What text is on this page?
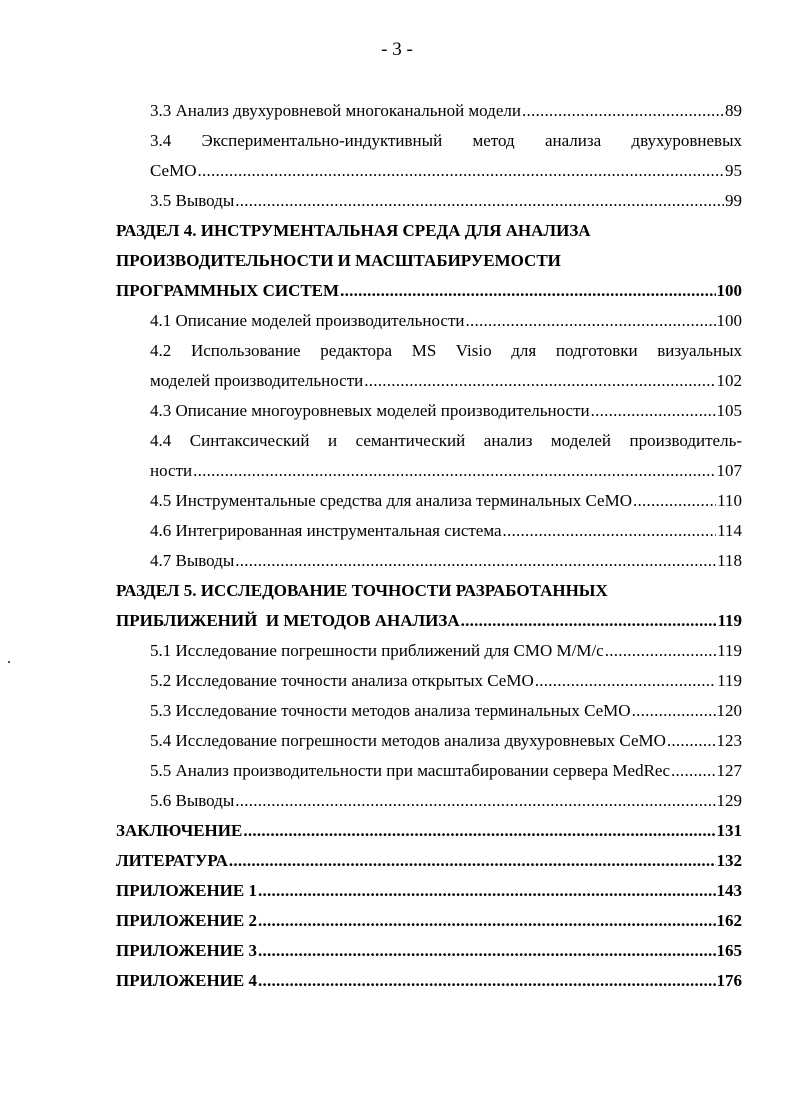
- 3 -
3.3 Анализ двухуровневой многоканальной модели . . .	89
3.4 Экспериментально-индуктивный метод анализа двухуровневых
СеМО . . .	95
3.5 Выводы . . .	99
РАЗДЕЛ 4. ИНСТРУМЕНТАЛЬНАЯ СРЕДА ДЛЯ АНАЛИЗА
ПРОИЗВОДИТЕЛЬНОСТИ И МАСШТАБИРУЕМОСТИ
ПРОГРАММНЫХ СИСТЕМ . . .	100
4.1 Описание моделей производительности . . .	100
4.2 Использование редактора MS Visio для подготовки визуальных
моделей производительности . . .	102
4.3 Описание многоуровневых моделей производительности . . .	105
4.4 Синтаксический и семантический анализ моделей производитель-
ности . . .	107
4.5 Инструментальные средства для анализа терминальных СеМО . . .	110
4.6 Интегрированная инструментальная система . . .	114
4.7 Выводы . . .	118
РАЗДЕЛ 5. ИССЛЕДОВАНИЕ ТОЧНОСТИ РАЗРАБОТАННЫХ
ПРИБЛИЖЕНИЙ  И МЕТОДОВ АНАЛИЗА . . .	119
5.1 Исследование погрешности приближений для СМО М/М/с . . .	119
5.2 Исследование точности анализа открытых СеМО . . .	119
5.3 Исследование точности методов анализа терминальных СеМО . . .	120
5.4 Исследование погрешности методов анализа двухуровневых СеМО . . .	123
5.5 Анализ производительности при масштабировании сервера MedRec . . .	127
5.6 Выводы . . .	129
ЗАКЛЮЧЕНИЕ . . .	131
ЛИТЕРАТУРА . . .	132
ПРИЛОЖЕНИЕ 1 . . .	143
ПРИЛОЖЕНИЕ 2 . . .	162
ПРИЛОЖЕНИЕ 3 . . .	165
ПРИЛОЖЕНИЕ 4 . . .	176
